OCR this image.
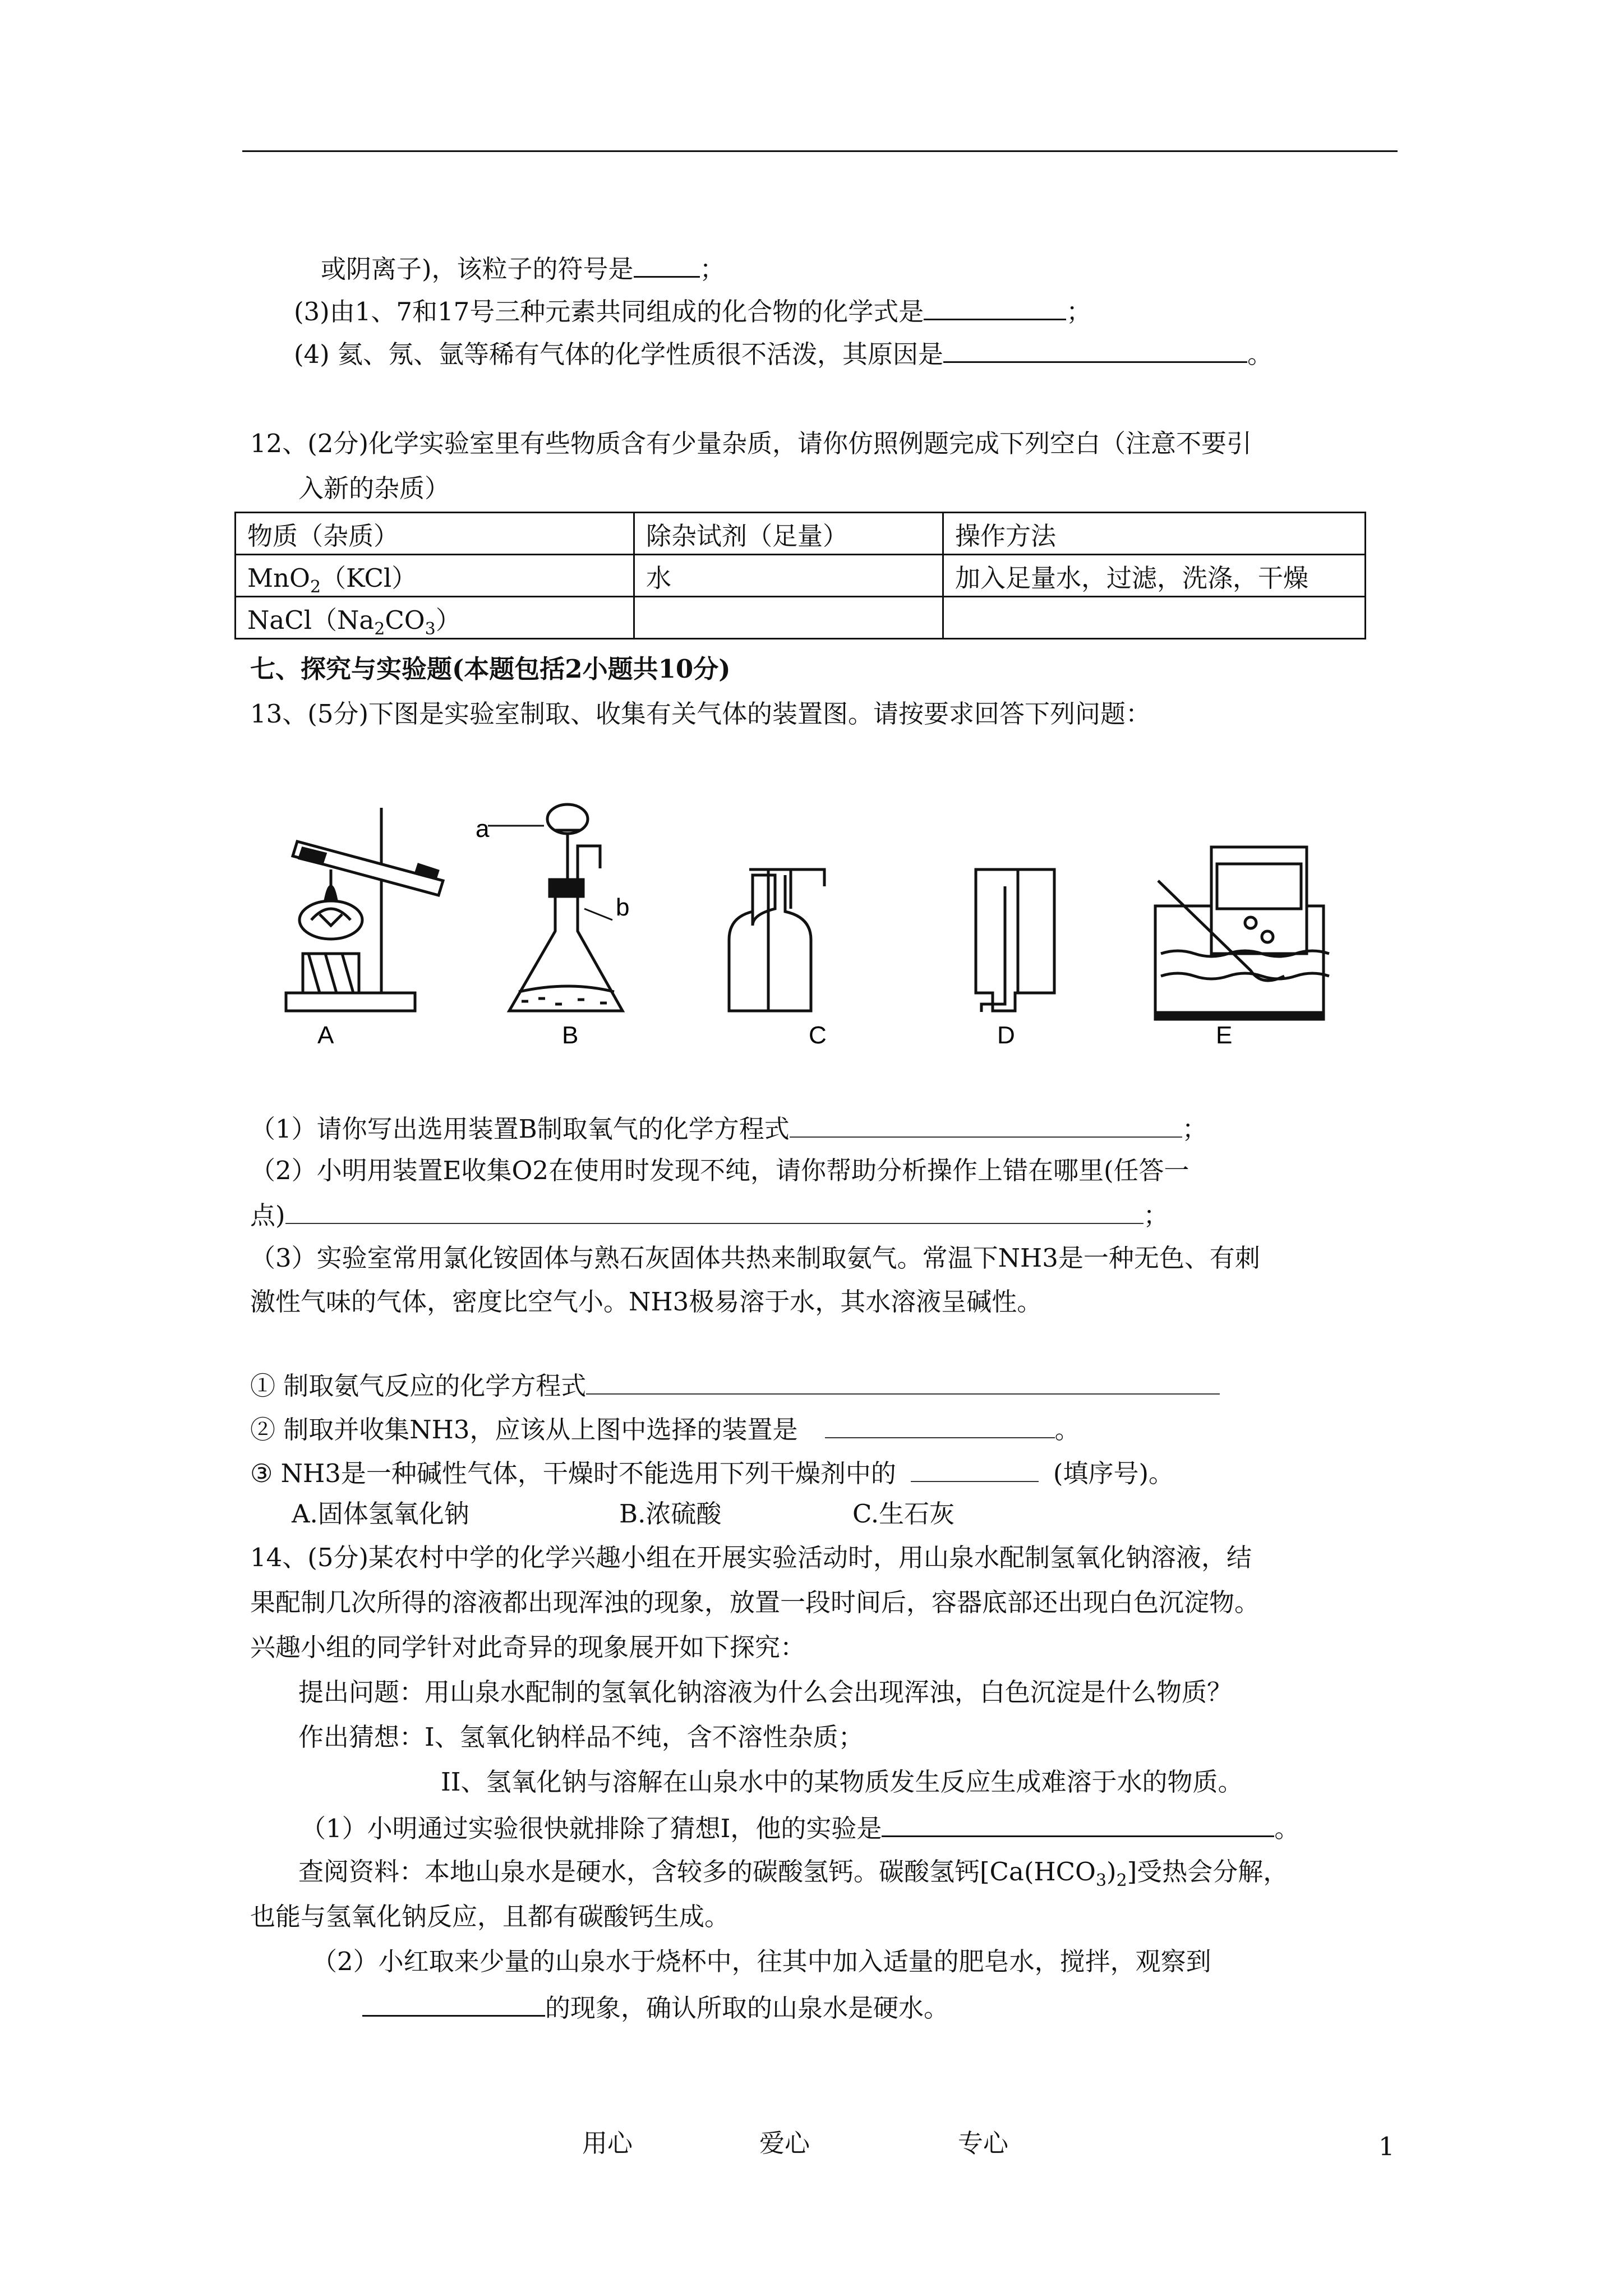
或阴离子)，该粒子的符号是	；
(3)由1、7和17号三种元素共同组成的化合物的化学式是	；
(4) 氦、氖、氩等稀有气体的化学性质很不活泼，其原因是	。
12、(2分)化学实验室里有些物质含有少量杂质，请你仿照例题完成下列空白（注意不要引
入新的杂质）
物质（杂质）	除杂试剂（足量）	操作方法
MnO$_2$（KCl）	水	加入足量水，过滤，洗涤，干燥
$NaCl(Na_2CO_3)$		
七、探究与实验题(本题包括2小题共10分)
13、(5分)下图是实验室制取、收集有关气体的装置图。请按要求回答下列问题：
a
b
A	B	C	D	E
（1）请你写出选用装置B制取氧气的化学方程式	；
（2）小明用装置E收集O2在使用时发现不纯，请你帮助分析操作上错在哪里(任答一
点)	；
（3）实验室常用氯化铵固体与熟石灰固体共热来制取氨气。常温下NH3是一种无色、有刺
激性气味的气体，密度比空气小。NH3极易溶于水，其水溶液呈碱性。
① 制取氨气反应的化学方程式
② 制取并收集NH3，应该从上图中选择的装置是	。
③ NH3是一种碱性气体，干燥时不能选用下列干燥剂中的	(填序号)。
A.固体氢氧化钠	B.浓硫酸	C.生石灰
14、(5分)某农村中学的化学兴趣小组在开展实验活动时，用山泉水配制氢氧化钠溶液，结
果配制几次所得的溶液都出现浑浊的现象，放置一段时间后，容器底部还出现白色沉淀物。
兴趣小组的同学针对此奇异的现象展开如下探究：
提出问题：用山泉水配制的氢氧化钠溶液为什么会出现浑浊，白色沉淀是什么物质？
作出猜想：I、氢氧化钠样品不纯，含不溶性杂质；
II、氢氧化钠与溶解在山泉水中的某物质发生反应生成难溶于水的物质。
（1）小明通过实验很快就排除了猜想I，他的实验是	。
查阅资料：本地山泉水是硬水，含较多的碳酸氢钙。碳酸氢钙$[Ca(HCO_3)_2]$受热会分解，
也能与氢氧化钠反应，且都有碳酸钙生成。
（2）小红取来少量的山泉水于烧杯中，往其中加入适量的肥皂水，搅拌，观察到
的现象，确认所取的山泉水是硬水。
用心	爱心	专心	1
